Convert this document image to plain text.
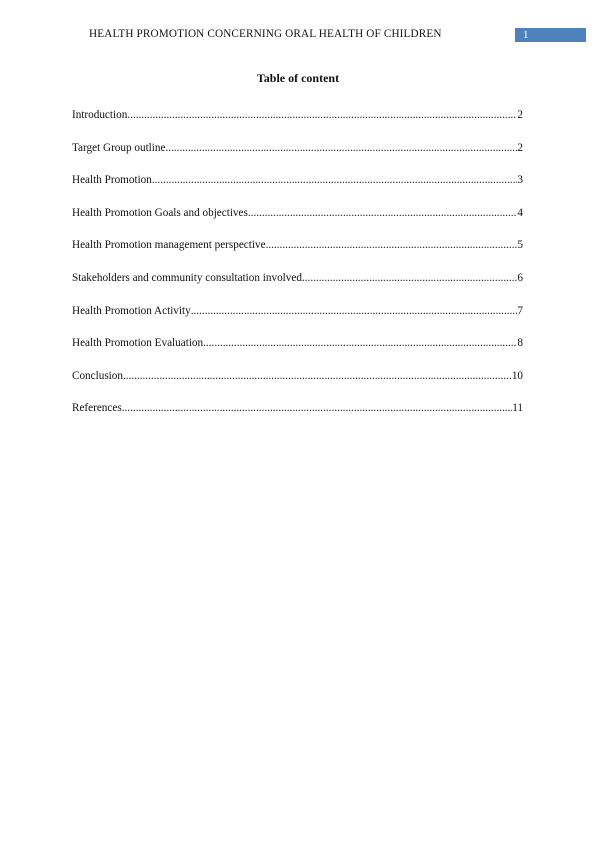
HEALTH PROMOTION CONCERNING ORAL HEALTH OF CHILDREN	1
Table of content
Introduction .....	2
Target Group outline .....	2
Health Promotion .....	3
Health Promotion Goals and objectives .....	4
Health Promotion management perspective .....	5
Stakeholders and community consultation involved .....	6
Health Promotion Activity .....	7
Health Promotion Evaluation .....	8
Conclusion .....	10
References .....	11
